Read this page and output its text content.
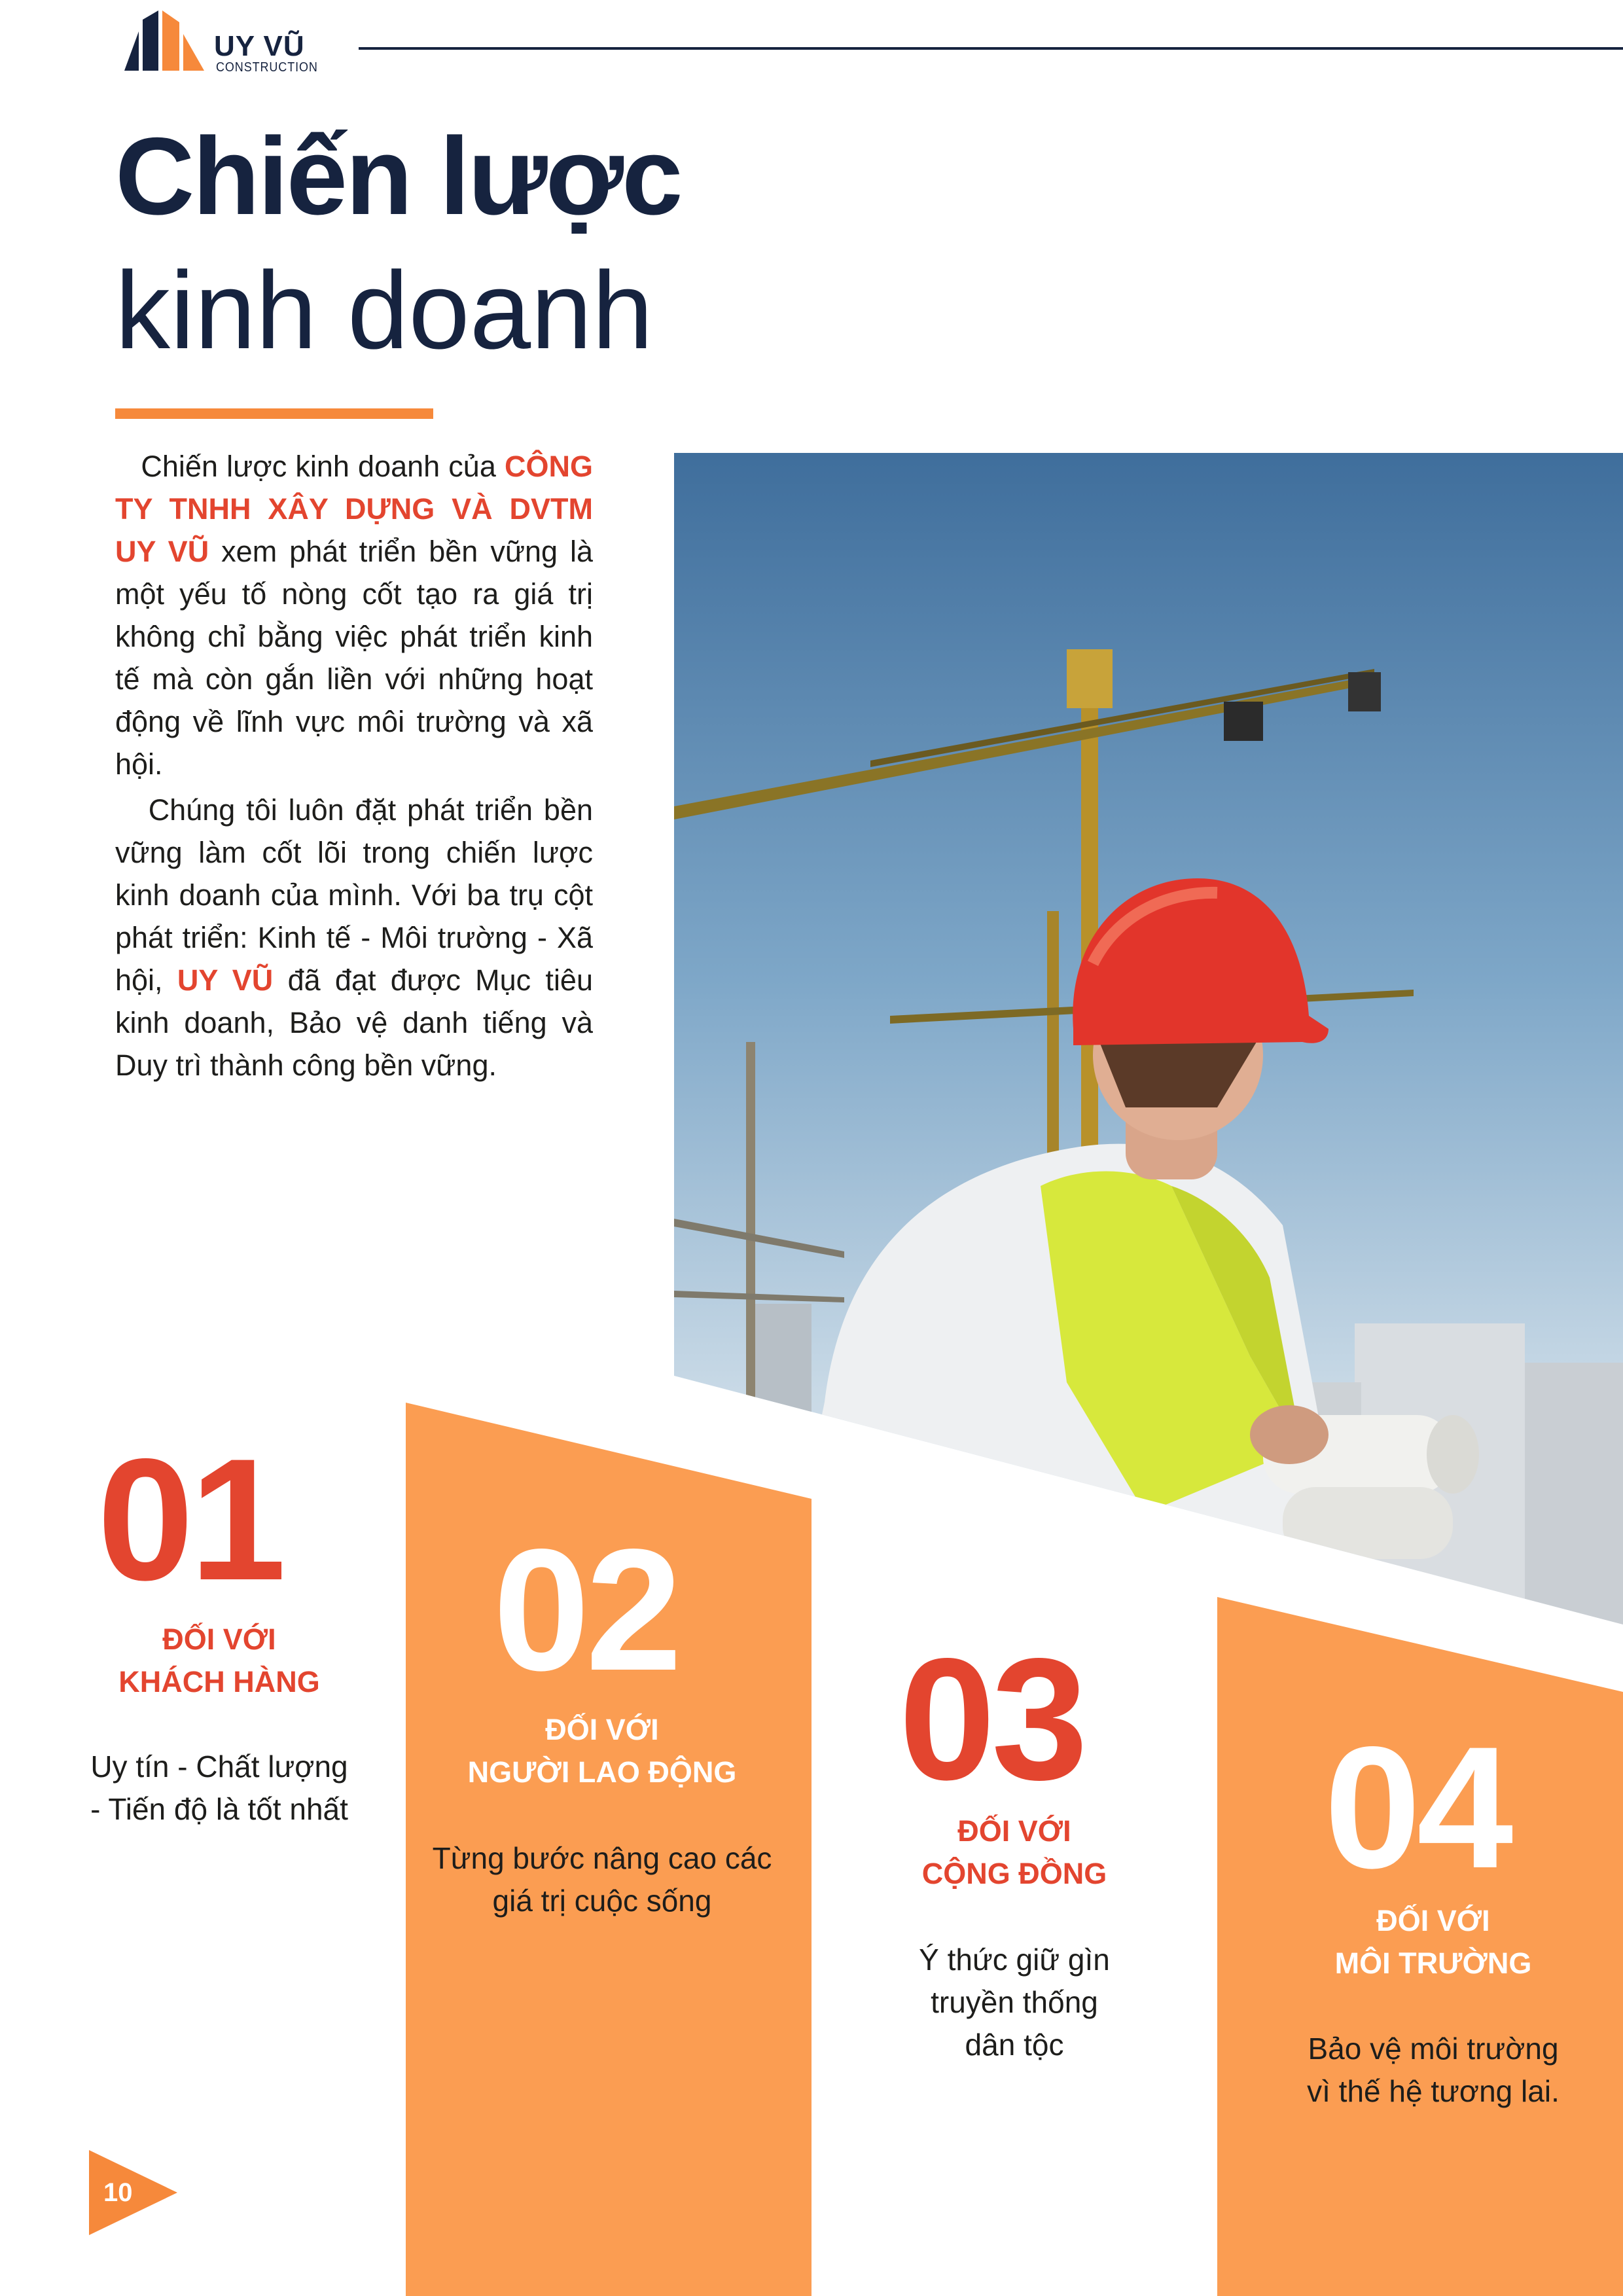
UY VŨ
CONSTRUCTION
Chiến lược
kinh doanh

Chiến lược kinh doanh của CÔNG TY TNHH XÂY DỰNG VÀ DVTM UY VŨ xem phát triển bền vững là một yếu tố nòng cốt tạo ra giá trị không chỉ bằng việc phát triển kinh tế mà còn gắn liền với những hoạt động về lĩnh vực môi trường và xã hội.

Chúng tôi luôn đặt phát triển bền vững làm cốt lõi trong chiến lược kinh doanh của mình. Với ba trụ cột phát triển: Kinh tế - Môi trường - Xã hội, UY VŨ đã đạt được Mục tiêu kinh doanh, Bảo vệ danh tiếng và Duy trì thành công bền vững.

01
ĐỐI VỚI
KHÁCH HÀNG
Uy tín - Chất lượng
- Tiến độ là tốt nhất
02
ĐỐI VỚI
NGƯỜI LAO ĐỘNG
Từng bước nâng cao các
giá trị cuộc sống
03
ĐỐI VỚI
CỘNG ĐỒNG
Ý thức giữ gìn
truyền thống
dân tộc
04
ĐỐI VỚI
MÔI TRƯỜNG
Bảo vệ môi trường
vì thế hệ tương lai.
10
